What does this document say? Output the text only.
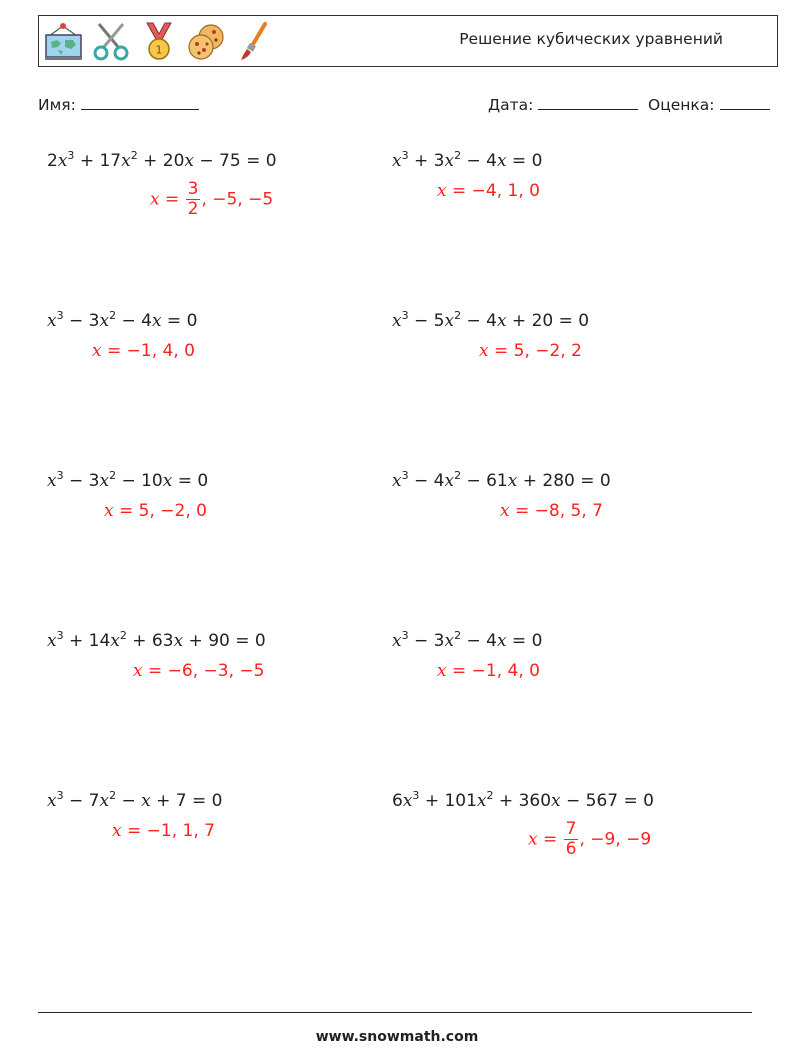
1
Решение кубических уравнений
Имя:	Дата:	Оценка:
$2x^3 + 17x^2 + 20x - 75 = 0$
$x = \frac{3}{2}$ , −5, −5
$x^3 + 3x^2 - 4x = 0$
x = −4, 1, 0
$x^3 - 3x^2 - 4x = 0$
x = −1, 4, 0
$x^3 - 5x^2 - 4x + 20 = 0$
x = 5, −2, 2
$x^3 - 3x^2 - 10x = 0$
x = 5, −2, 0
$x^3 - 4x^2 - 61x + 280 = 0$
x = −8, 5, 7
$x^3 + 14x^2 + 63x + 90 = 0$
x = −6, −3, −5
$x^3 - 3x^2 - 4x = 0$
x = −1, 4, 0
$x^3 - 7x^2 - x + 7 = 0$
x = −1, 1, 7
$6x^3 + 101x^2 + 360x - 567 = 0$
$x = \frac{7}{6}$ , −9, −9
www.snowmath.com
